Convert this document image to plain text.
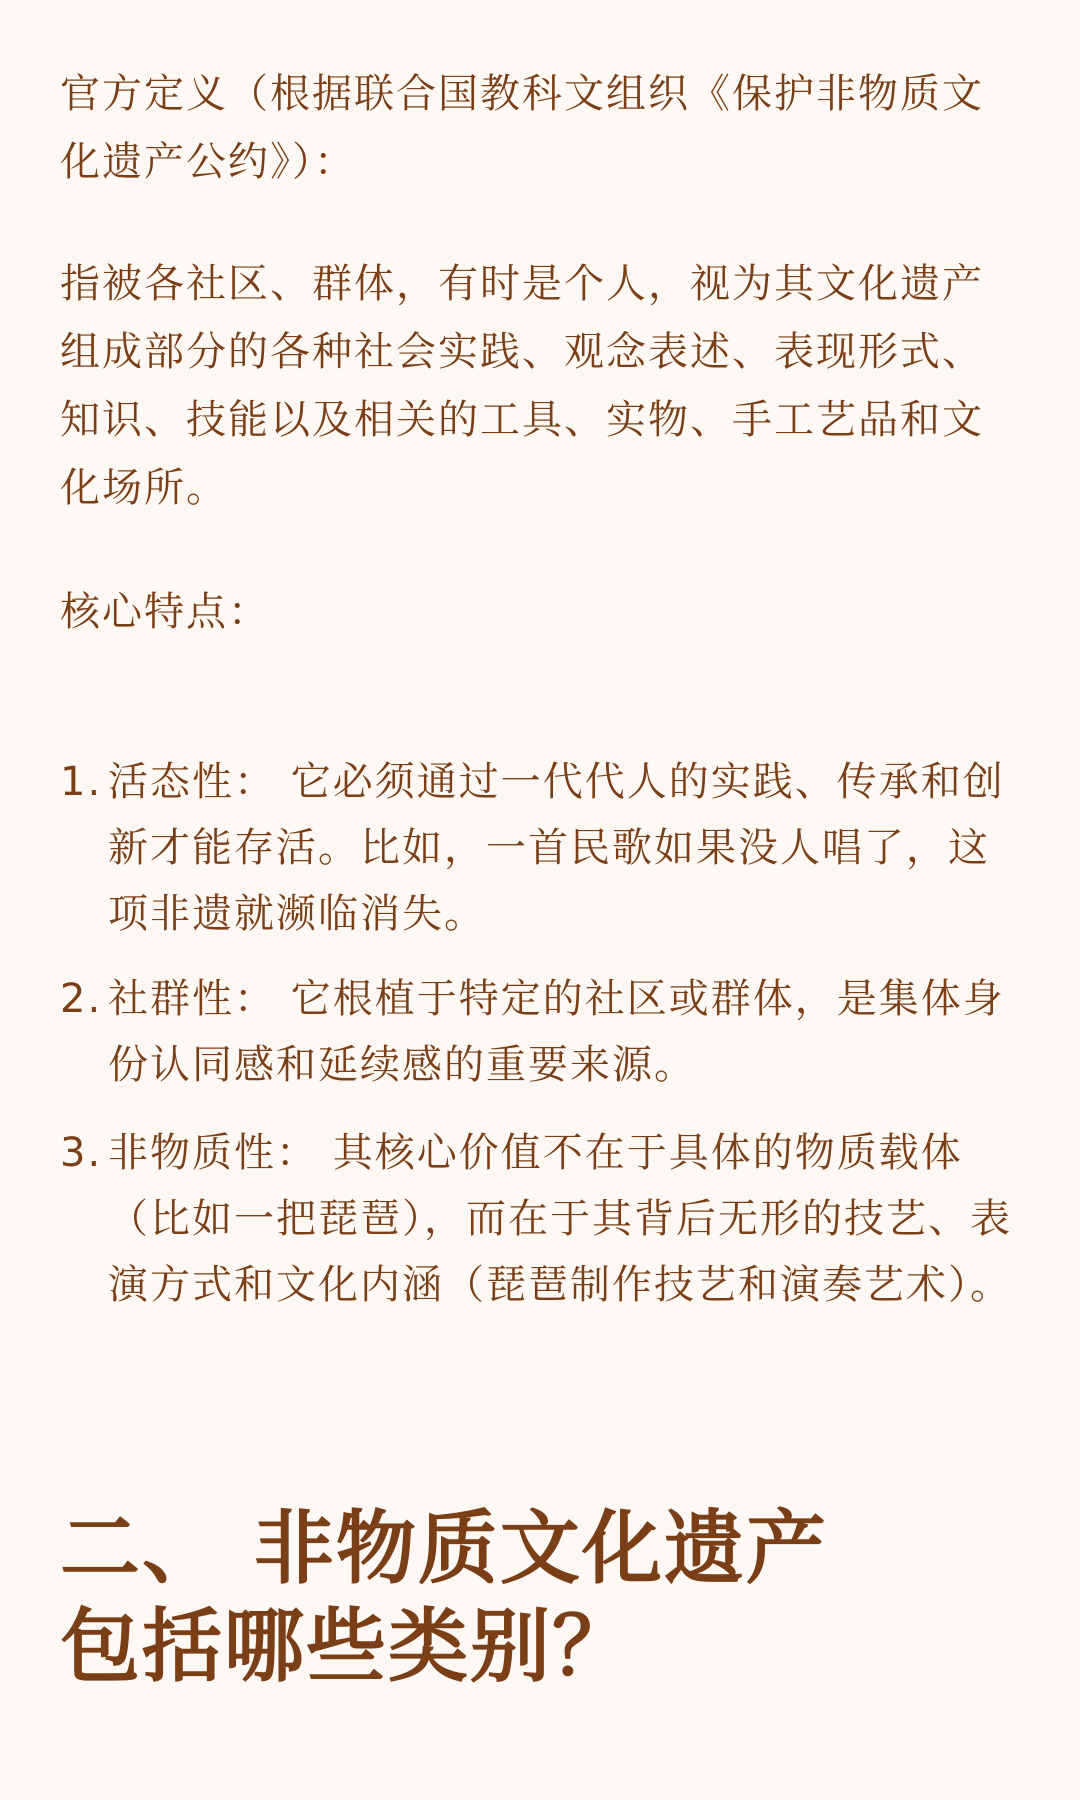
官方定义（根据联合国教科文组织《保护非物质文化遗产公约》）：

指被各社区、群体，有时是个人，视为其文化遗产组成部分的各种社会实践、观念表述、表现形式、知识、技能以及相关的工具、实物、手工艺品和文化场所。

核心特点：

1. 活态性： 它必须通过一代代人的实践、传承和创新才能存活。比如，一首民歌如果没人唱了，这项非遗就濒临消失。
2. 社群性： 它根植于特定的社区或群体，是集体身份认同感和延续感的重要来源。
3. 非物质性： 其核心价值不在于具体的物质载体（比如一把琵琶），而在于其背后无形的技艺、表演方式和文化内涵（琵琶制作技艺和演奏艺术）。
二、 非物质文化遗产
包括哪些类别？
